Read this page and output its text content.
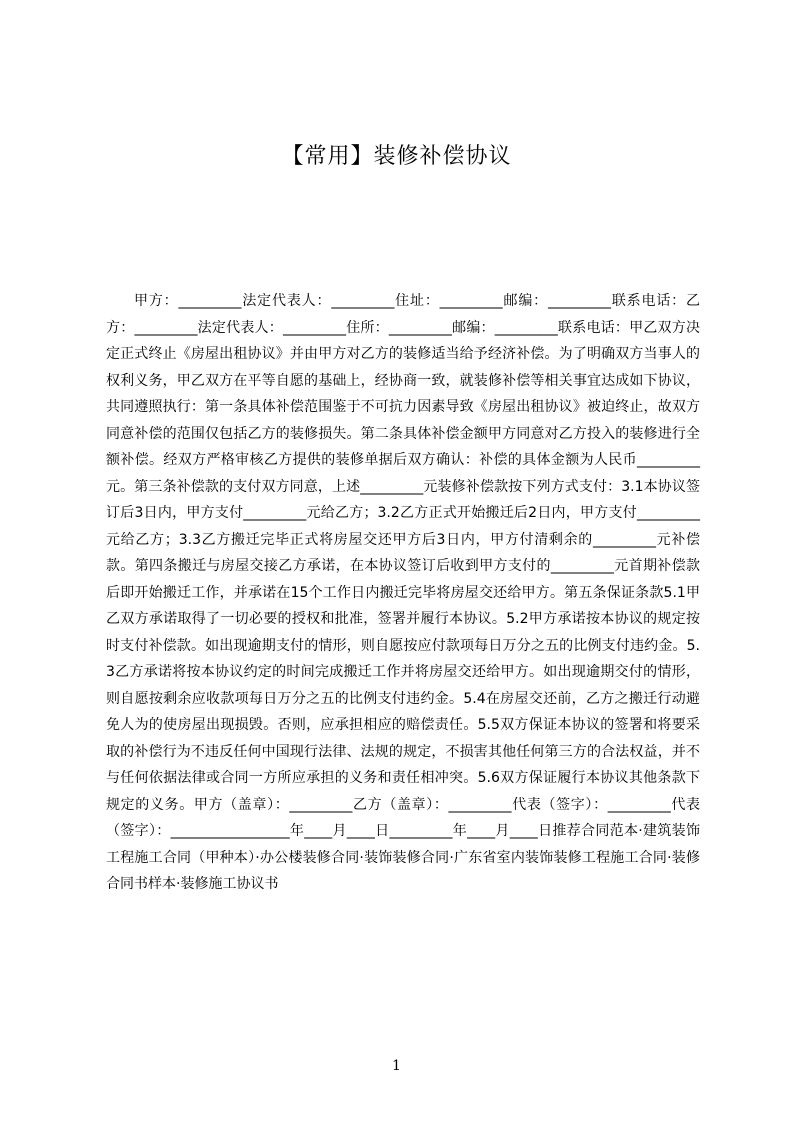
【常用】装修补偿协议

甲方：_________法定代表人：_________住址：_________邮编：_________联系电话：乙方：_________法定代表人：_________住所：_________邮编：_________联系电话：甲乙双方决定正式终止《房屋出租协议》并由甲方对乙方的装修适当给予经济补偿。为了明确双方当事人的权利义务，甲乙双方在平等自愿的基础上，经协商一致，就装修补偿等相关事宜达成如下协议，共同遵照执行：第一条具体补偿范围鉴于不可抗力因素导致《房屋出租协议》被迫终止，故双方同意补偿的范围仅包括乙方的装修损失。第二条具体补偿金额甲方同意对乙方投入的装修进行全额补偿。经双方严格审核乙方提供的装修单据后双方确认：补偿的具体金额为人民币_________元。第三条补偿款的支付双方同意，上述_________元装修补偿款按下列方式支付：3.1本协议签订后3日内，甲方支付_________元给乙方；3.2乙方正式开始搬迁后2日内，甲方支付_________元给乙方；3.3乙方搬迁完毕正式将房屋交还甲方后3日内，甲方付清剩余的_________元补偿款。第四条搬迁与房屋交接乙方承诺，在本协议签订后收到甲方支付的_________元首期补偿款后即开始搬迁工作，并承诺在15个工作日内搬迁完毕将房屋交还给甲方。第五条保证条款5.1甲乙双方承诺取得了一切必要的授权和批准，签署并履行本协议。5.2甲方承诺按本协议的规定按时支付补偿款。如出现逾期支付的情形，则自愿按应付款项每日万分之五的比例支付违约金。5.3乙方承诺将按本协议约定的时间完成搬迁工作并将房屋交还给甲方。如出现逾期交付的情形，则自愿按剩余应收款项每日万分之五的比例支付违约金。5.4在房屋交还前，乙方之搬迁行动避免人为的使房屋出现损毁。否则，应承担相应的赔偿责任。5.5双方保证本协议的签署和将要采取的补偿行为不违反任何中国现行法律、法规的规定，不损害其他任何第三方的合法权益，并不与任何依据法律或合同一方所应承担的义务和责任相冲突。5.6双方保证履行本协议其他条款下规定的义务。甲方（盖章）：_________乙方（盖章）：_________代表（签字）：_________代表（签字）：_________________年____月____日_________年____月____日推荐合同范本·建筑装饰工程施工合同（甲种本）·办公楼装修合同·装饰装修合同·广东省室内装饰装修工程施工合同·装修合同书样本·装修施工协议书

1
